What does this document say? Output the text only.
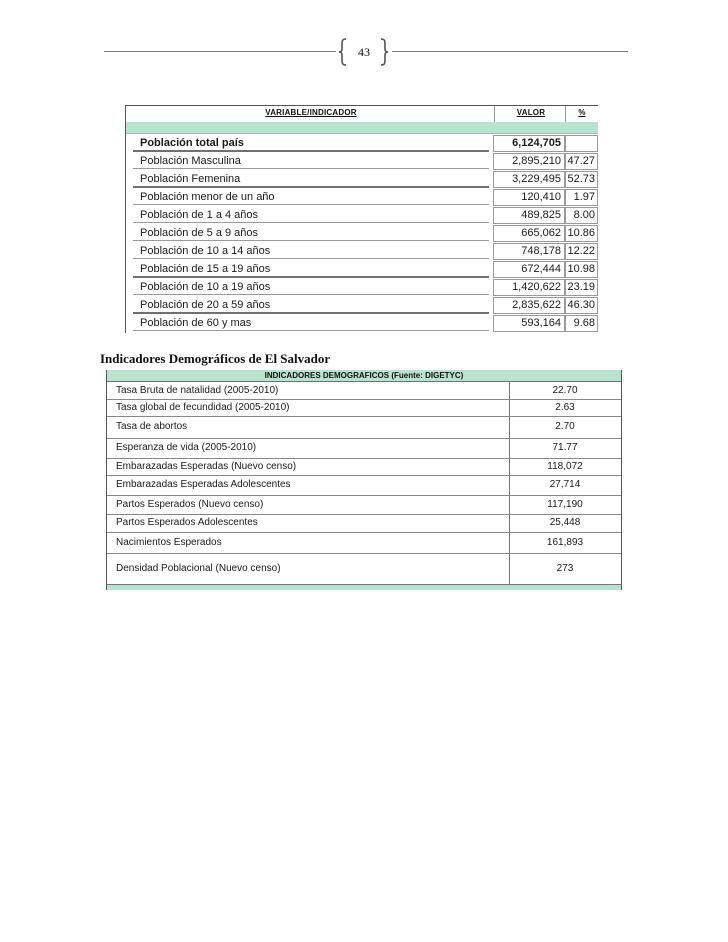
43
VARIABLE/INDICADOR	VALOR	%
Población total país	6,124,705
Población Masculina	2,895,210 47.27
Población Femenina	3,229,495 52.73
Población menor de un año	120,410	1.97
Población de 1 a 4 años	489,825	8.00
Población de 5 a 9 años	665,062 10.86
Población de 10 a 14 años	748,178 12.22
Población de 15 a 19 años	672,444 10.98
Población de 10 a 19 años	1,420,622 23.19
Población de 20 a 59 años	2,835,622 46.30
Población de 60 y mas	593,164	9.68
Indicadores Demográficos de El Salvador
INDICADORES DEMOGRAFICOS (Fuente: DIGETYC)
Tasa Bruta de natalidad (2005-2010)	22.70
Tasa global de fecundidad (2005-2010)	2.63
Tasa de abortos	2.70
Esperanza de vida (2005-2010)	71.77
Embarazadas Esperadas (Nuevo censo)	118,072
Embarazadas Esperadas Adolescentes	27,714
Partos Esperados (Nuevo censo)	117,190
Partos Esperados Adolescentes	25,448
Nacimientos Esperados	161,893
Densidad Poblacional (Nuevo censo)	273
